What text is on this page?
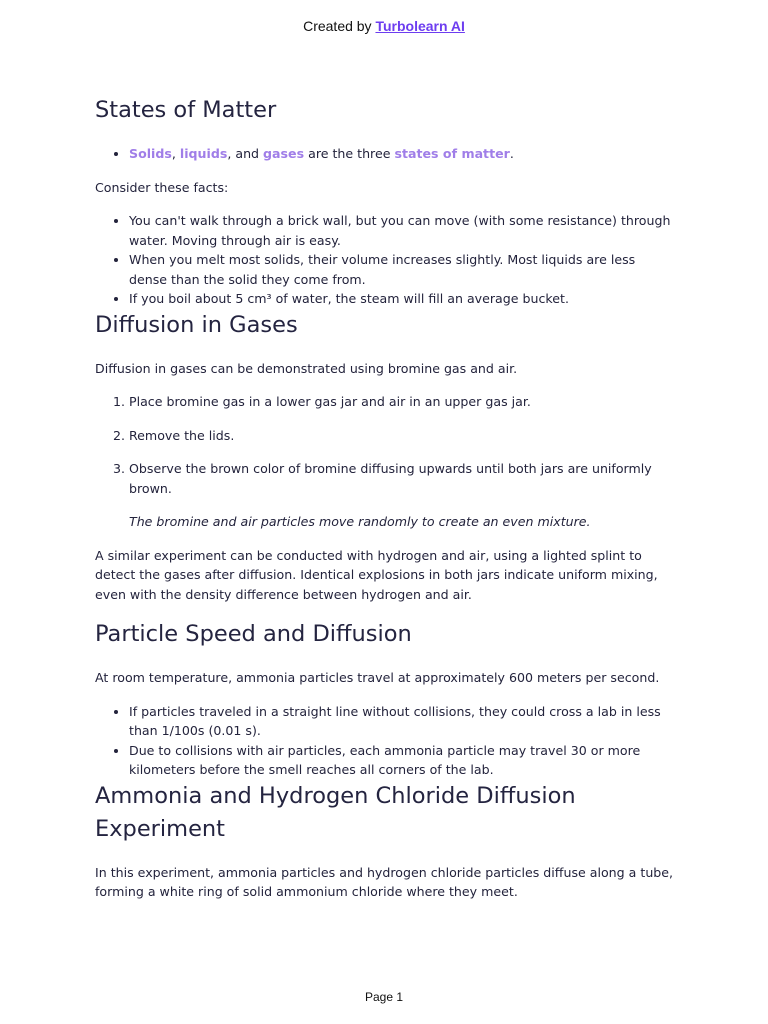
Created by Turbolearn AI
States of Matter
• Solids, liquids, and gases are the three states of matter.

Consider these facts:

• You can't walk through a brick wall, but you can move (with some resistance) through water. Moving through air is easy.
• When you melt most solids, their volume increases slightly. Most liquids are less dense than the solid they come from.
• If you boil about 5 cm³ of water, the steam will fill an average bucket.
Diffusion in Gases

Diffusion in gases can be demonstrated using bromine gas and air.

1. Place bromine gas in a lower gas jar and air in an upper gas jar.
2. Remove the lids.
3. Observe the brown color of bromine diffusing upwards until both jars are uniformly brown.

The bromine and air particles move randomly to create an even mixture.

A similar experiment can be conducted with hydrogen and air, using a lighted splint to detect the gases after diffusion. Identical explosions in both jars indicate uniform mixing, even with the density difference between hydrogen and air.

Particle Speed and Diffusion

At room temperature, ammonia particles travel at approximately 600 meters per second.

• If particles traveled in a straight line without collisions, they could cross a lab in less than 1/100s (0.01 s).
• Due to collisions with air particles, each ammonia particle may travel 30 or more kilometers before the smell reaches all corners of the lab.
Ammonia and Hydrogen Chloride Diffusion Experiment

In this experiment, ammonia particles and hydrogen chloride particles diffuse along a tube, forming a white ring of solid ammonium chloride where they meet.

Page 1
